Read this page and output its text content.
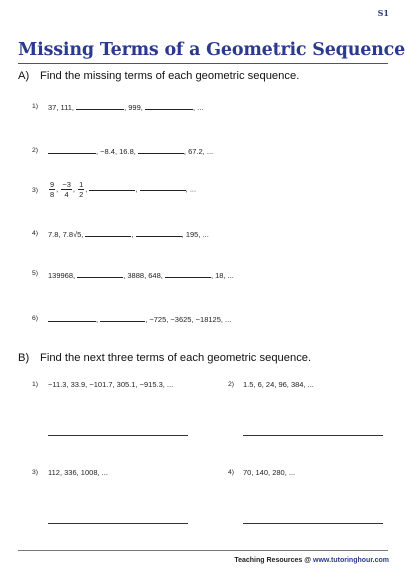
S1
Missing Terms of a Geometric Sequence
A) Find the missing terms of each geometric sequence.
1) 37, 111,	, 999,	, ...
2)	, −8.4, 16.8,	, 67.2, ...
$3) \frac{9}{8}$ , $\frac{-3}{4}$ , $\frac{1}{2}$ ,	,	, ...
4) 7.8, 7.8√5,	,	, 195, ...
5) 139968,	, 3888, 648,	, 18, ...
6)	,	, −725, −3625, −18125, ...
B) Find the next three terms of each geometric sequence.
1) −11.3, 33.9, −101.7, 305.1, −915.3, ...	2) 1.5, 6, 24, 96, 384, ...
3) 112, 336, 1008, ...	4) 70, 140, 280, ...
Teaching Resources @ www.tutoringhour.com
